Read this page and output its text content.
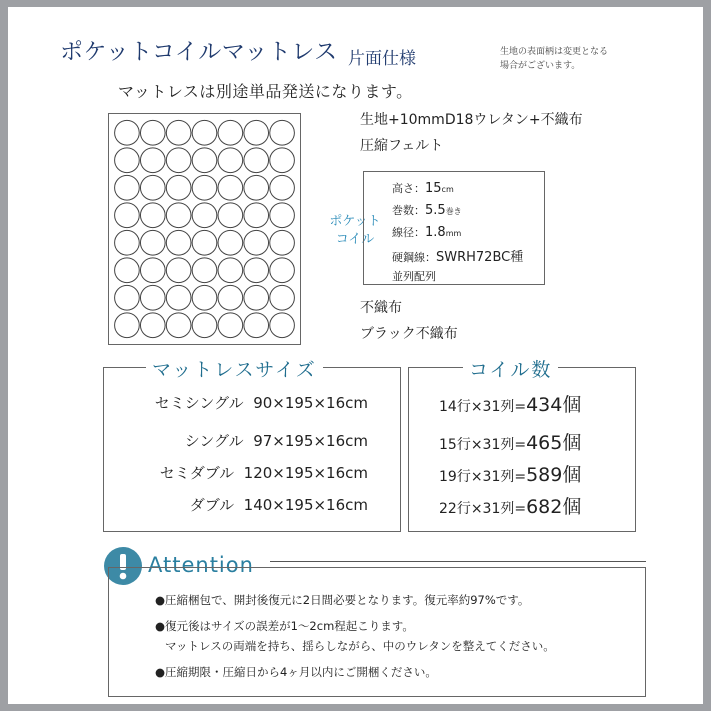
ポケットコイルマットレス 片面仕様	生地の表面柄は変更となる
場合がございます。
マットレスは別途単品発送になります。
生地+10mmD18ウレタン+不織布
圧縮フェルト
ポケット
コイル
高さ：15cm
巻数：5.5巻き
線径：1.8mm
硬鋼線：SWRH72BC種
並列配列
不織布
ブラック不織布
マットレスサイズ
セミシングル 90×195×16cm
シングル 97×195×16cm
セミダブル 120×195×16cm
ダブル 140×195×16cm
コイル数
14行×31列=434個
15行×31列=465個
19行×31列=589個
22行×31列=682個
Attention
●圧縮梱包で、開封後復元に2日間必要となります。復元率約97%です。
●復元後はサイズの誤差が1～2cm程起こります。
マットレスの両端を持ち、揺らしながら、中のウレタンを整えてください。
●圧縮期限・圧縮日から4ヶ月以内にご開梱ください。
